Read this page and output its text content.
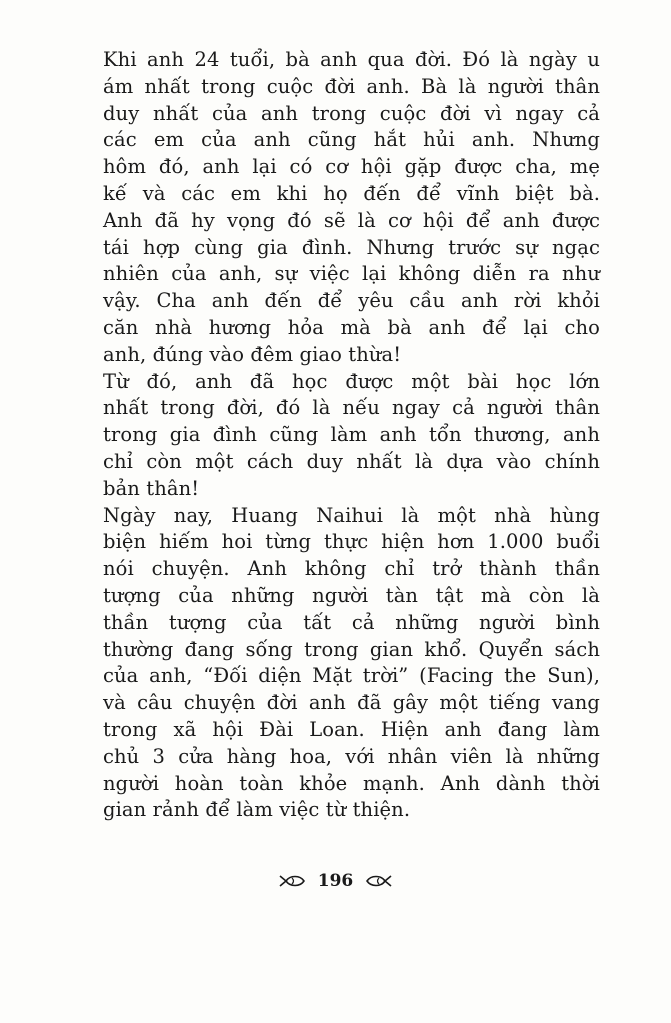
Khi anh 24 tuổi, bà anh qua đời. Đó là ngày u
ám nhất trong cuộc đời anh. Bà là người thân
duy nhất của anh trong cuộc đời vì ngay cả
các em của anh cũng hắt hủi anh. Nhưng
hôm đó, anh lại có cơ hội gặp được cha, mẹ
kế và các em khi họ đến để vĩnh biệt bà.
Anh đã hy vọng đó sẽ là cơ hội để anh được
tái hợp cùng gia đình. Nhưng trước sự ngạc
nhiên của anh, sự việc lại không diễn ra như
vậy. Cha anh đến để yêu cầu anh rời khỏi
căn nhà hương hỏa mà bà anh để lại cho
anh, đúng vào đêm giao thừa!
Từ đó, anh đã học được một bài học lớn
nhất trong đời, đó là nếu ngay cả người thân
trong gia đình cũng làm anh tổn thương, anh
chỉ còn một cách duy nhất là dựa vào chính
bản thân!
Ngày nay, Huang Naihui là một nhà hùng
biện hiếm hoi từng thực hiện hơn 1.000 buổi
nói chuyện. Anh không chỉ trở thành thần
tượng của những người tàn tật mà còn là
thần tượng của tất cả những người bình
thường đang sống trong gian khổ. Quyển sách
của anh, “Đối diện Mặt trời” (Facing the Sun),
và câu chuyện đời anh đã gây một tiếng vang
trong xã hội Đài Loan. Hiện anh đang làm
chủ 3 cửa hàng hoa, với nhân viên là những
người hoàn toàn khỏe mạnh. Anh dành thời
gian rảnh để làm việc từ thiện.
196
